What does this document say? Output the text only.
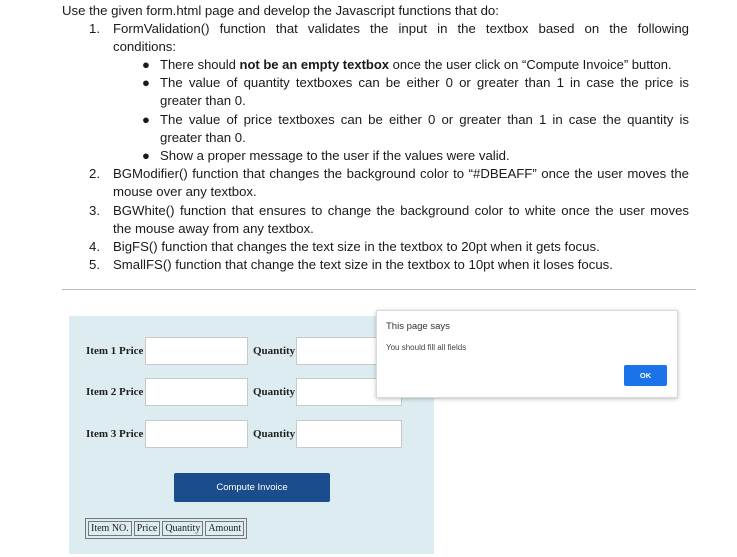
Use the given form.html page and develop the Javascript functions that do:
1. FormValidation() function that validates the input in the textbox based on the following
conditions:
● There should not be an empty textbox once the user click on “Compute Invoice” button.
● The value of quantity textboxes can be either 0 or greater than 1 in case the price is
greater than 0.
● The value of price textboxes can be either 0 or greater than 1 in case the quantity is
greater than 0.
● Show a proper message to the user if the values were valid.
2. BGModifier() function that changes the background color to “#DBEAFF” once the user moves the
mouse over any textbox.
3. BGWhite() function that ensures to change the background color to white once the user moves
the mouse away from any textbox.
4. BigFS() function that changes the text size in the textbox to 20pt when it gets focus.
5. SmallFS() function that change the text size in the textbox to 10pt when it loses focus.
Item 1 Price	Quantity
Item 2 Price	Quantity
Item 3 Price	Quantity
Compute Invoice
Item NO.	Price	Quantity	Amount
This page says
You should fill all fields
OK
